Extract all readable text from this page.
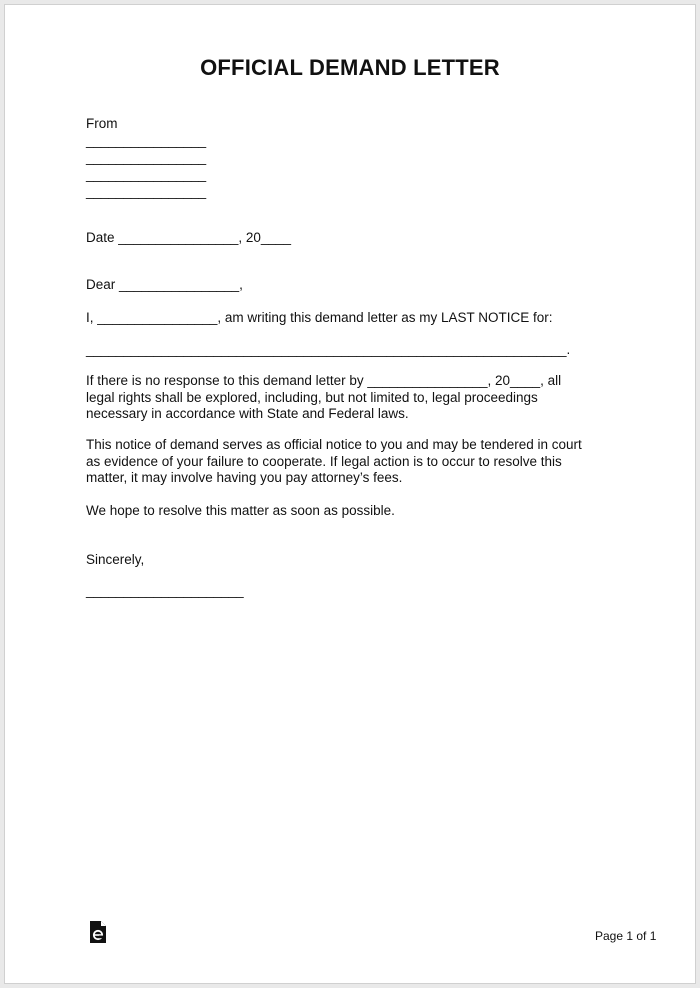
OFFICIAL DEMAND LETTER
From
________________
________________
________________
________________
Date ________________, 20____
Dear ________________,
I, ________________, am writing this demand letter as my LAST NOTICE for:
________________________________________________________________.
If there is no response to this demand letter by ________________, 20____, all
legal rights shall be explored, including, but not limited to, legal proceedings
necessary in accordance with State and Federal laws.
This notice of demand serves as official notice to you and may be tendered in court
as evidence of your failure to cooperate. If legal action is to occur to resolve this
matter, it may involve having you pay attorney’s fees.
We hope to resolve this matter as soon as possible.
Sincerely,
_____________________
Page 1 of 1
